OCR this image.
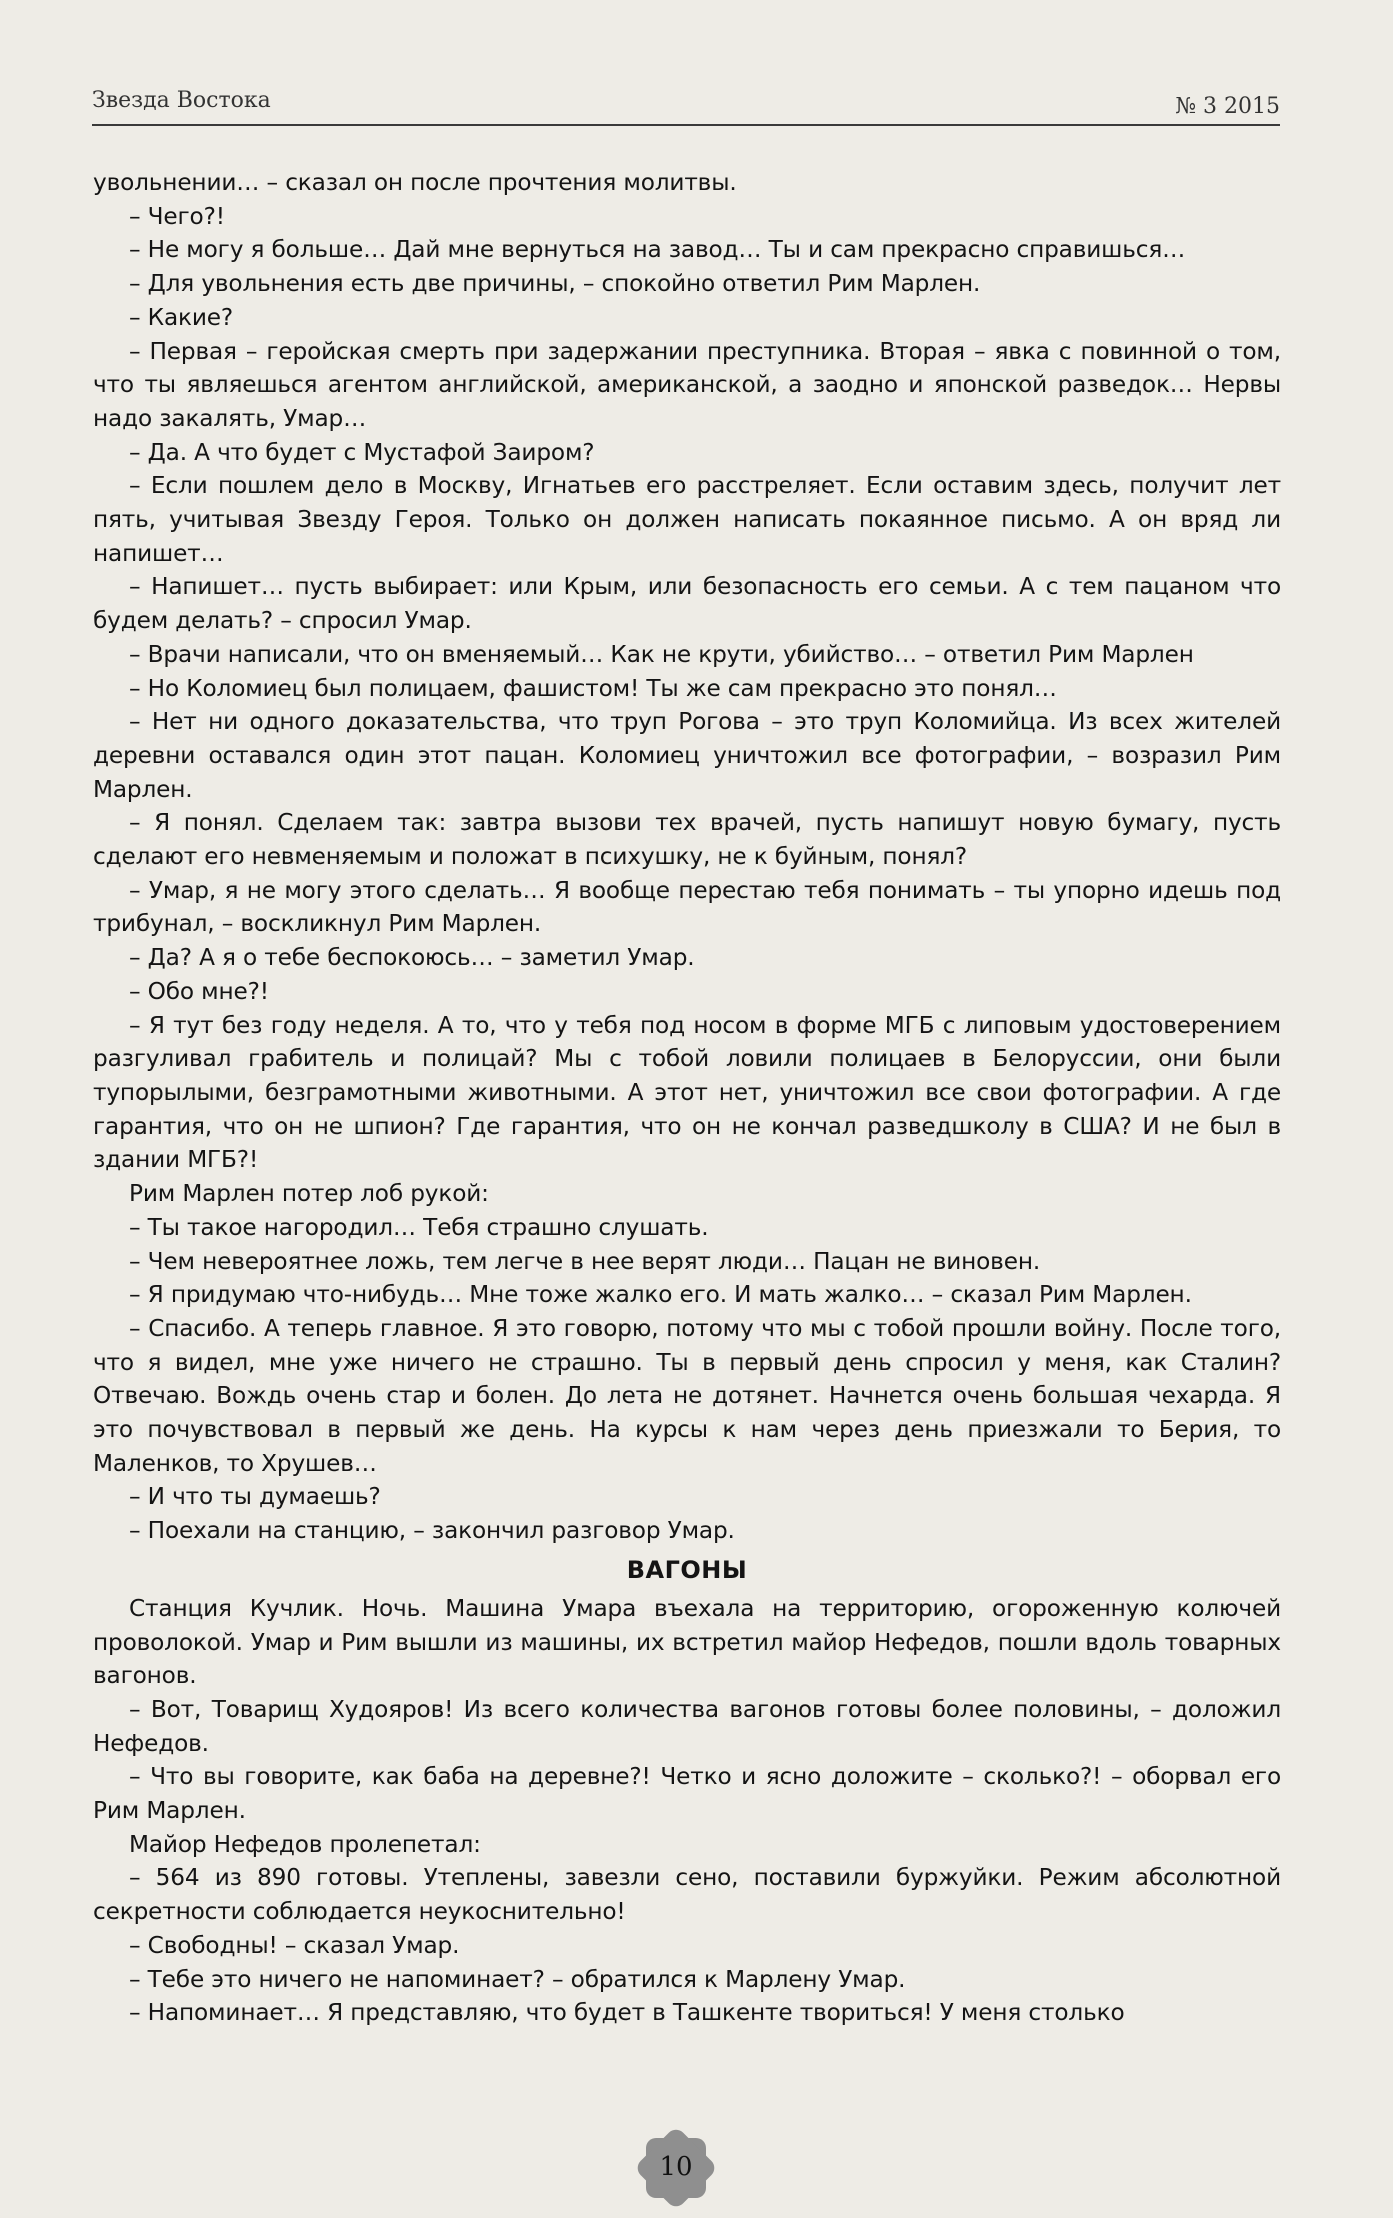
Звезда Востока	№ 3 2015

увольнении… – сказал он после прочтения молитвы.

– Чего?!

– Не могу я больше… Дай мне вернуться на завод… Ты и сам прекрасно справишься…

– Для увольнения есть две причины, – спокойно ответил Рим Марлен.

– Какие?

– Первая – геройская смерть при задержании преступника. Вторая – явка с повинной о том, что ты являешься агентом английской, американской, а заодно и японской разведок… Нервы надо закалять, Умар…

– Да. А что будет с Мустафой Заиром?

– Если пошлем дело в Москву, Игнатьев его расстреляет. Если оставим здесь, получит лет пять, учитывая Звезду Героя. Только он должен написать покаянное письмо. А он вряд ли напишет…

– Напишет… пусть выбирает: или Крым, или безопасность его семьи. А с тем пацаном что будем делать? – спросил Умар.

– Врачи написали, что он вменяемый… Как не крути, убийство… – ответил Рим Марлен

– Но Коломиец был полицаем, фашистом! Ты же сам прекрасно это понял…

– Нет ни одного доказательства, что труп Рогова – это труп Коломийца. Из всех жителей деревни оставался один этот пацан. Коломиец уничтожил все фотографии, – возразил Рим Марлен.

– Я понял. Сделаем так: завтра вызови тех врачей, пусть напишут новую бумагу, пусть сделают его невменяемым и положат в психушку, не к буйным, понял?

– Умар, я не могу этого сделать… Я вообще перестаю тебя понимать – ты упорно идешь под трибунал, – воскликнул Рим Марлен.

– Да? А я о тебе беспокоюсь… – заметил Умар.

– Обо мне?!

– Я тут без году неделя. А то, что у тебя под носом в форме МГБ с липовым удостоверением разгуливал грабитель и полицай? Мы с тобой ловили полицаев в Белоруссии, они были тупорылыми, безграмотными животными. А этот нет, уничтожил все свои фотографии. А где гарантия, что он не шпион? Где гарантия, что он не кончал разведшколу в США? И не был в здании МГБ?!

Рим Марлен потер лоб рукой:

– Ты такое нагородил… Тебя страшно слушать.

– Чем невероятнее ложь, тем легче в нее верят люди… Пацан не виновен.

– Я придумаю что-нибудь… Мне тоже жалко его. И мать жалко… – сказал Рим Марлен.

– Спасибо. А теперь главное. Я это говорю, потому что мы с тобой прошли войну. После того, что я видел, мне уже ничего не страшно. Ты в первый день спросил у меня, как Сталин? Отвечаю. Вождь очень стар и болен. До лета не дотянет. Начнется очень большая чехарда. Я это почувствовал в первый же день. На курсы к нам через день приезжали то Берия, то Маленков, то Хрушев…

– И что ты думаешь?

– Поехали на станцию, – закончил разговор Умар.

ВАГОНЫ

Станция Кучлик. Ночь. Машина Умара въехала на территорию, огороженную колючей проволокой. Умар и Рим вышли из машины, их встретил майор Нефедов, пошли вдоль товарных вагонов.

– Вот, Товарищ Худояров! Из всего количества вагонов готовы более половины, – доложил Нефедов.

– Что вы говорите, как баба на деревне?! Четко и ясно доложите – сколько?! – оборвал его Рим Марлен.

Майор Нефедов пролепетал:

– 564 из 890 готовы. Утеплены, завезли сено, поставили буржуйки. Режим абсолютной секретности соблюдается неукоснительно!

– Свободны! – сказал Умар.

– Тебе это ничего не напоминает? – обратился к Марлену Умар.

– Напоминает… Я представляю, что будет в Ташкенте твориться! У меня столько

10
